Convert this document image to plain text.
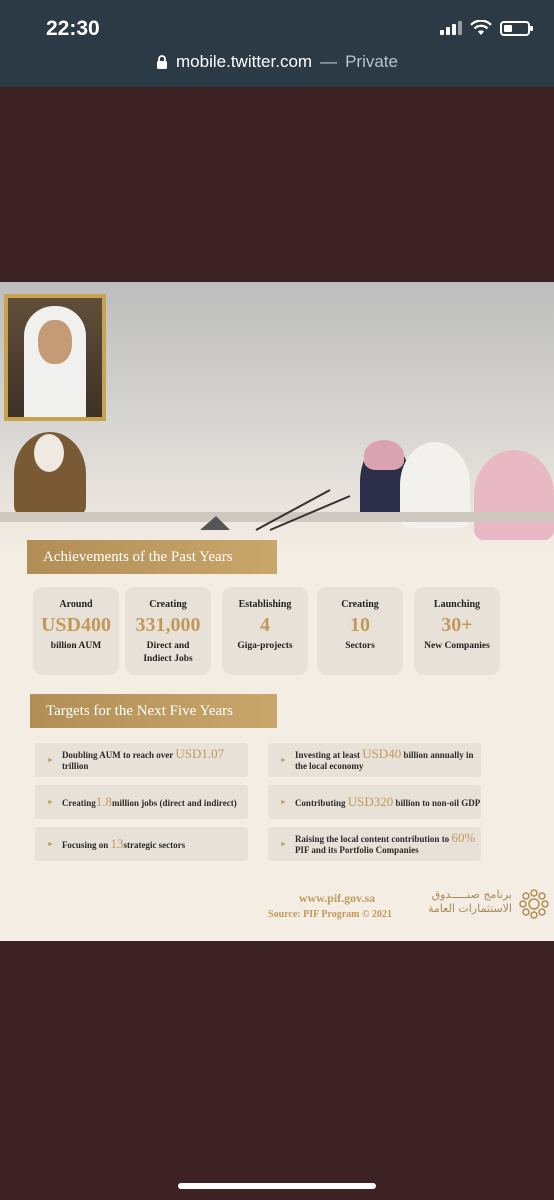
22:30
mobile.twitter.com — Private
Achievements of the Past Years
Around
USD400
billion AUM
Creating
331,000
Direct and Indiect Jobs
Establishing
4
Giga-projects
Creating
10
Sectors
Launching
30+
New Companies
Targets for the Next Five Years
► Doubling AUM to reach over USD1.07
trillion
► Investing at least USD40 billion annually in the local economy
► Creating1.8million jobs (direct and indirect)	► Contributing USD320 billion to non-oil GDP
► Focusing on 13strategic sectors	► Raising the local content contribution to 60%
PIF and its Portfolio Companies
www.pif.gov.sa
Source: PIF Program © 2021
برنامج صنـــــدوق
الاستثمارات العامة
